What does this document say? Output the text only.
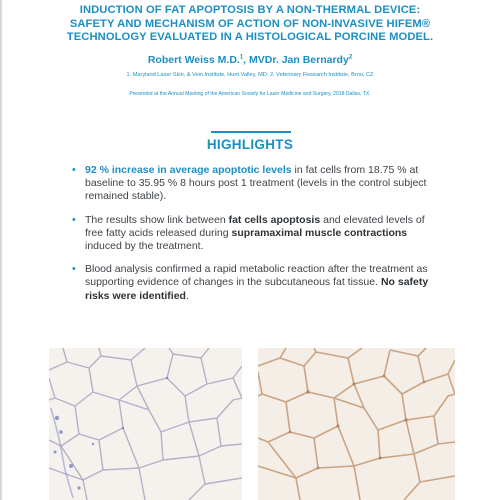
INDUCTION OF FAT APOPTOSIS BY A NON-THERMAL DEVICE:
SAFETY AND MECHANISM OF ACTION OF NON-INVASIVE HIFEM®
TECHNOLOGY EVALUATED IN A HISTOLOGICAL PORCINE MODEL.
Robert Weiss M.D.$^1$, MVDr. Jan Bernardy$^2$
1. Maryland Laser Skin, & Vein Institute, Hunt Valley, MD; 2. Veterinary Research Institute, Brno, CZ
Presented at the Annual Meeting of the American Society for Laser Medicine and Surgery, 2018 Dallas, TX.
HIGHLIGHTS
• 92 % increase in average apoptotic levels in fat cells from 18.75 % at baseline to 35.95 % 8 hours post 1 treatment (levels in the control subject remained stable).
• The results show link between fat cells apoptosis and elevated levels of free fatty acids released during supramaximal muscle contractions induced by the treatment.
• Blood analysis confirmed a rapid metabolic reaction after the treatment as supporting evidence of changes in the subcutaneous fat tissue. No safety risks were identified.
